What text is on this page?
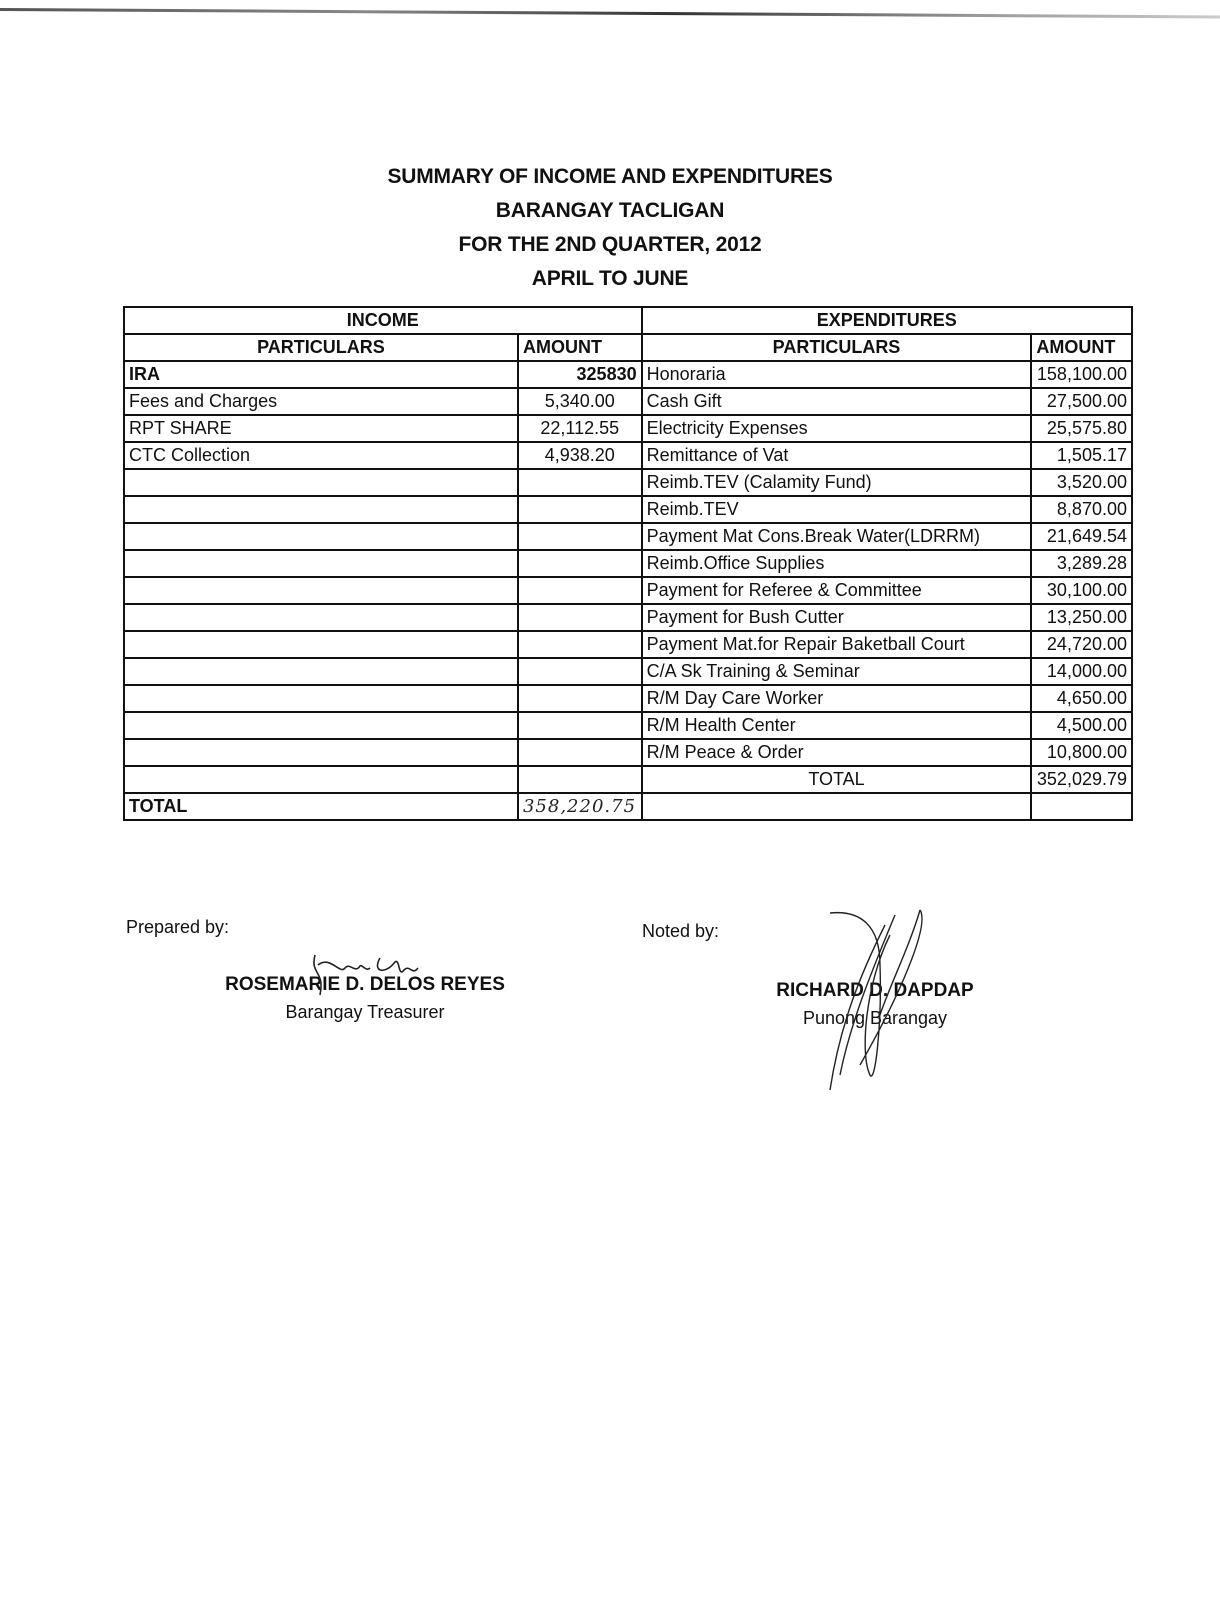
SUMMARY OF INCOME AND EXPENDITURES
BARANGAY TACLIGAN
FOR THE 2ND QUARTER, 2012
APRIL TO JUNE
INCOME		EXPENDITURES	
PARTICULARS	AMOUNT	PARTICULARS	AMOUNT
IRA	325830	Honoraria	158,100.00
Fees and Charges	5,340.00	Cash Gift	27,500.00
RPT SHARE	22,112.55	Electricity Expenses	25,575.80
CTC Collection	4,938.20	Remittance of Vat	1,505.17
		Reimb.TEV (Calamity Fund)	3,520.00
		Reimb.TEV	8,870.00
		Payment Mat Cons.Break Water(LDRRM)	21,649.54
		Reimb.Office Supplies	3,289.28
		Payment for Referee & Committee	30,100.00
		Payment for Bush Cutter	13,250.00
		Payment Mat.for Repair Baketball Court	24,720.00
		C/A Sk Training & Seminar	14,000.00
		R/M Day Care Worker	4,650.00
		R/M Health Center	4,500.00
		R/M Peace & Order	10,800.00
		TOTAL	352,029.79
TOTAL	358,220.75		
Prepared by:
ROSEMARIE D. DELOS REYES
Barangay Treasurer
Noted by:
RICHARD D. DAPDAP
Punong Barangay
